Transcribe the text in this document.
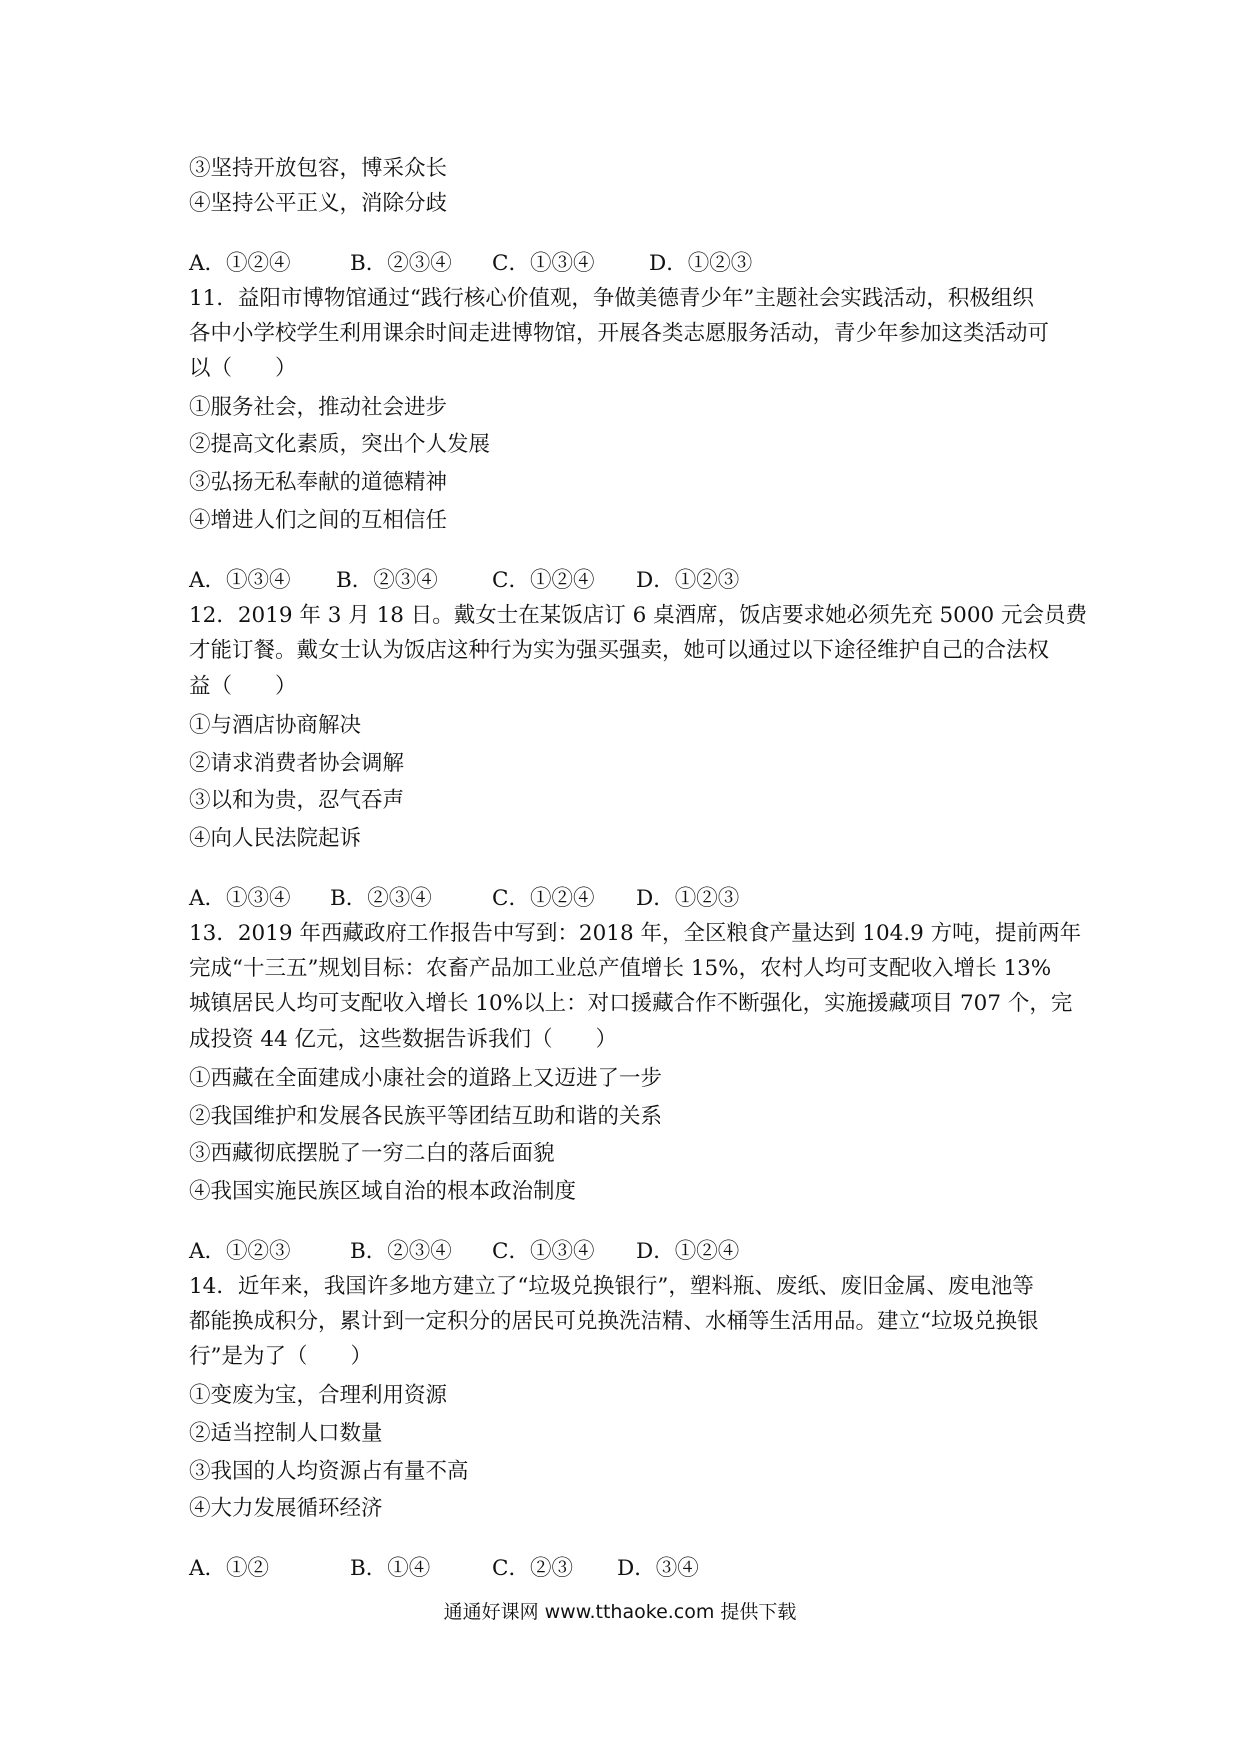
③坚持开放包容，博采众长
④坚持公平正义，消除分歧
A．①②④	B．②③④ C．①③④	D．①②③
11．益阳市博物馆通过“践行核心价值观，争做美德青少年”主题社会实践活动，积极组织
各中小学校学生利用课余时间走进博物馆，开展各类志愿服务活动，青少年参加这类活动可
以（　　）
①服务社会，推动社会进步
②提高文化素质，突出个人发展
③弘扬无私奉献的道德精神
④增进人们之间的互相信任
A．①③④ B．②③④	C．①②④ D．①②③
12．2019 年 3 月 18 日。戴女士在某饭店订 6 桌酒席，饭店要求她必须先充 5000 元会员费
才能订餐。戴女士认为饭店这种行为实为强买强卖，她可以通过以下途径维护自己的合法权
益（　　）
①与酒店协商解决
②请求消费者协会调解
③以和为贵，忍气吞声
④向人民法院起诉
A．①③④ B．②③④	C．①②④ D．①②③
13．2019 年西藏政府工作报告中写到：2018 年，全区粮食产量达到 104.9 方吨，提前两年
完成“十三五”规划目标：农畜产品加工业总产值增长 15%，农村人均可支配收入增长 13%
城镇居民人均可支配收入增长 10%以上：对口援藏合作不断强化，实施援藏项目 707 个，完
成投资 44 亿元，这些数据告诉我们（　　）
①西藏在全面建成小康社会的道路上又迈进了一步
②我国维护和发展各民族平等团结互助和谐的关系
③西藏彻底摆脱了一穷二白的落后面貌
④我国实施民族区域自治的根本政治制度
A．①②③	B．②③④ C．①③④ D．①②④
14．近年来，我国许多地方建立了“垃圾兑换银行”，塑料瓶、废纸、废旧金属、废电池等
都能换成积分，累计到一定积分的居民可兑换洗洁精、水桶等生活用品。建立“垃圾兑换银
行”是为了（　　）
①变废为宝，合理利用资源
②适当控制人口数量
③我国的人均资源占有量不高
④大力发展循环经济
A．①②	B．①④	C．②③ D．③④
通通好课网 www.tthaoke.com 提供下载
